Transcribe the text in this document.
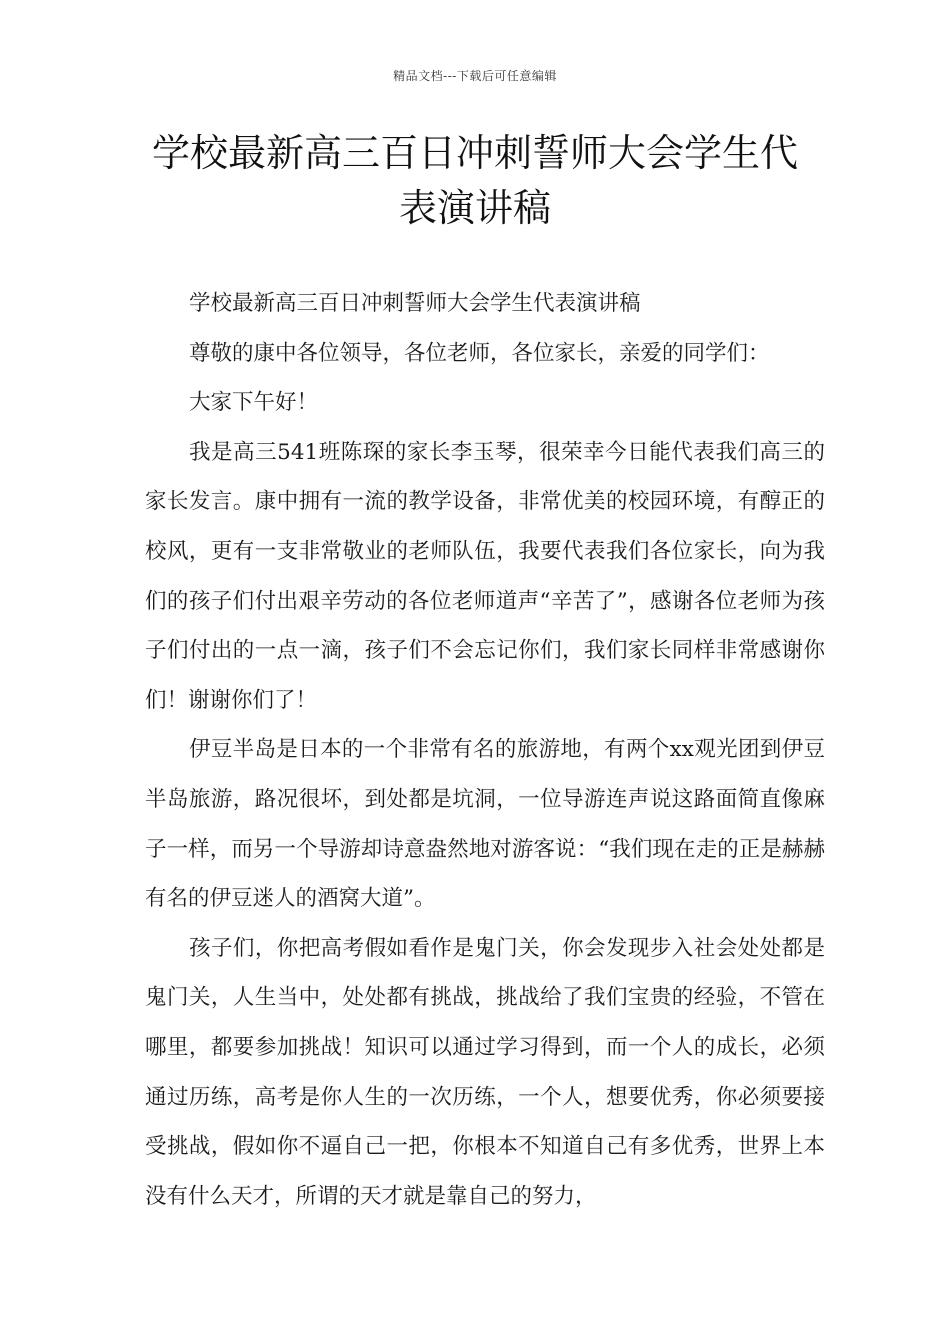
精品文档---下载后可任意编辑
学校最新高三百日冲刺誓师大会学生代
表演讲稿

学校最新高三百日冲刺誓师大会学生代表演讲稿

尊敬的康中各位领导，各位老师，各位家长，亲爱的同学们：

大家下午好！

我是高三541班陈琛的家长李玉琴，很荣幸今日能代表我们高三的家长发言。康中拥有一流的教学设备，非常优美的校园环境，有醇正的校风，更有一支非常敬业的老师队伍，我要代表我们各位家长，向为我们的孩子们付出艰辛劳动的各位老师道声“辛苦了”，感谢各位老师为孩子们付出的一点一滴，孩子们不会忘记你们，我们家长同样非常感谢你们！谢谢你们了！

伊豆半岛是日本的一个非常有名的旅游地，有两个xx观光团到伊豆半岛旅游，路况很坏，到处都是坑洞，一位导游连声说这路面简直像麻子一样，而另一个导游却诗意盎然地对游客说：“我们现在走的正是赫赫有名的伊豆迷人的酒窝大道”。

孩子们，你把高考假如看作是鬼门关，你会发现步入社会处处都是鬼门关，人生当中，处处都有挑战，挑战给了我们宝贵的经验，不管在哪里，都要参加挑战！知识可以通过学习得到，而一个人的成长，必须通过历练，高考是你人生的一次历练，一个人，想要优秀，你必须要接受挑战，假如你不逼自己一把，你根本不知道自己有多优秀，世界上本没有什么天才，所谓的天才就是靠自己的努力，
